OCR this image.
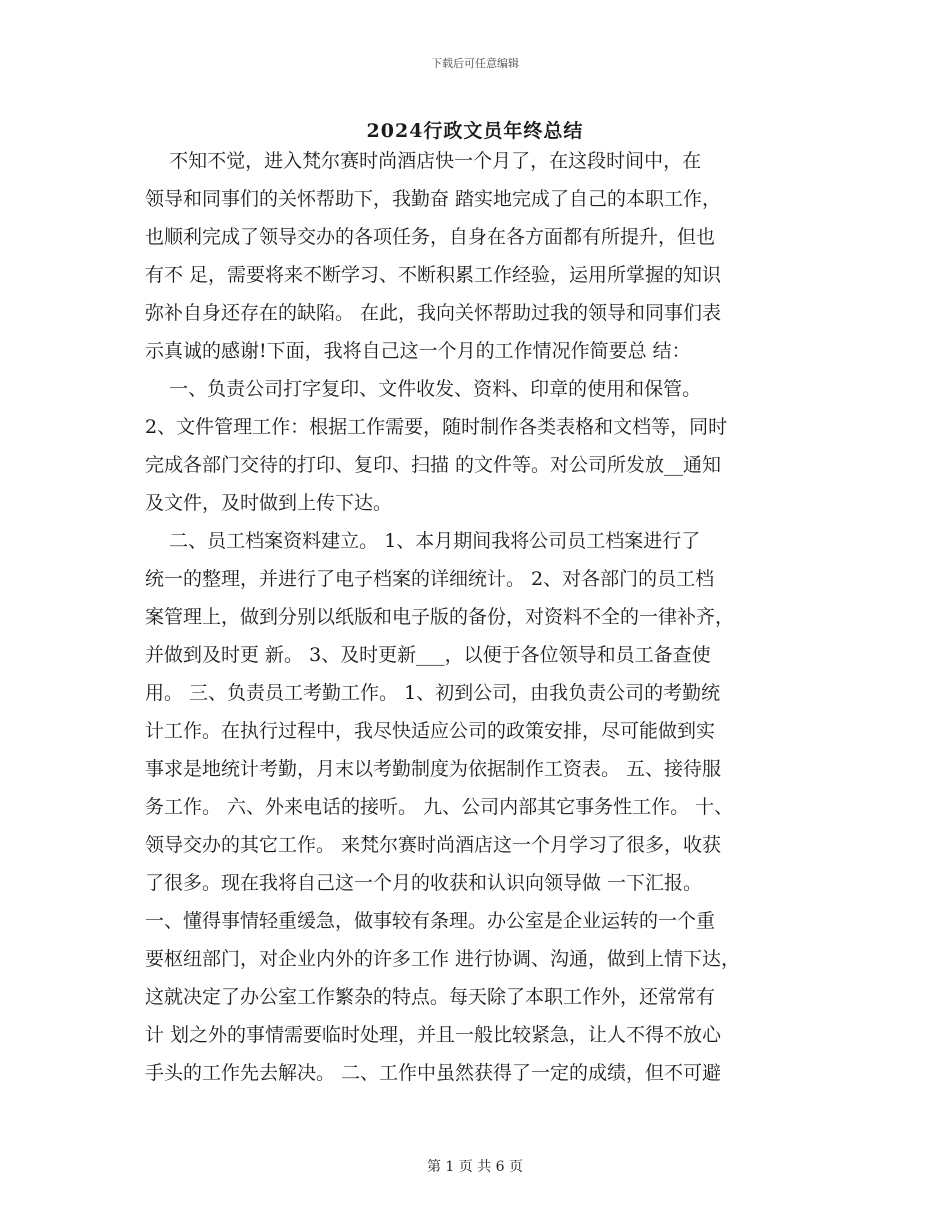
下载后可任意编辑
2024行政文员年终总结
不知不觉，进入梵尔赛时尚酒店快一个月了，在这段时间中，在
领导和同事们的关怀帮助下，我勤奋 踏实地完成了自己的本职工作，
也顺利完成了领导交办的各项任务，自身在各方面都有所提升，但也
有不 足，需要将来不断学习、不断积累工作经验，运用所掌握的知识
弥补自身还存在的缺陷。 在此，我向关怀帮助过我的领导和同事们表
示真诚的感谢!下面，我将自己这一个月的工作情况作简要总 结：
一、负责公司打字复印、文件收发、资料、印章的使用和保管。
2、文件管理工作：根据工作需要，随时制作各类表格和文档等，同时
完成各部门交待的打印、复印、扫描 的文件等。对公司所发放__通知
及文件，及时做到上传下达。
二、员工档案资料建立。 1、本月期间我将公司员工档案进行了
统一的整理，并进行了电子档案的详细统计。 2、对各部门的员工档
案管理上，做到分别以纸版和电子版的备份，对资料不全的一律补齐，
并做到及时更 新。 3、及时更新___，以便于各位领导和员工备查使
用。 三、负责员工考勤工作。 1、初到公司，由我负责公司的考勤统
计工作。在执行过程中，我尽快适应公司的政策安排，尽可能做到实
事求是地统计考勤，月末以考勤制度为依据制作工资表。 五、接待服
务工作。 六、外来电话的接听。 九、公司内部其它事务性工作。 十、
领导交办的其它工作。 来梵尔赛时尚酒店这一个月学习了很多，收获
了很多。现在我将自己这一个月的收获和认识向领导做 一下汇报。
一、懂得事情轻重缓急，做事较有条理。办公室是企业运转的一个重
要枢纽部门，对企业内外的许多工作 进行协调、沟通，做到上情下达，
这就决定了办公室工作繁杂的特点。每天除了本职工作外，还常常有
计 划之外的事情需要临时处理，并且一般比较紧急，让人不得不放心
手头的工作先去解决。 二、工作中虽然获得了一定的成绩，但不可避
第 1 页 共 6 页
